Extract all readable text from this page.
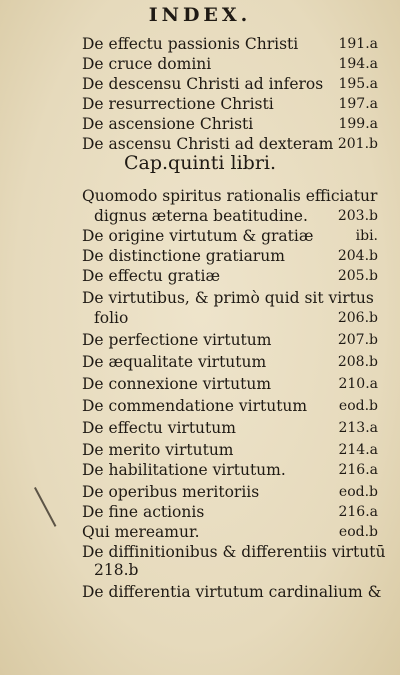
INDEX.
De effectu passionis Christi	191.a
De cruce domini	194.a
De descensu Christi ad inferos 195.a
De resurrectione Christi	197.a
De ascensione Christi	199.a
De ascensu Christi ad dexteram 201.b
Cap.quinti libri.
Quomodo spiritus rationalis efficiatur
dignus æterna beatitudine. 203.b
De origine virtutum & gratiæ	ibi.
De distinctione gratiarum	204.b
De effectu gratiæ	205.b
De virtutibus, & primò quid sit virtus
folio	206.b
De perfectione virtutum	207.b
De æqualitate virtutum	208.b
De connexione virtutum	210.a
De commendatione virtutum eod.b
De effectu virtutum	213.a
De merito virtutum	214.a
De habilitatione virtutum.	216.a
De operibus meritoriis	eod.b
De fine actionis	216.a
Qui mereamur.	eod.b
De diffinitionibus & differentiis virtutū
218.b
De differentia virtutum cardinalium &
